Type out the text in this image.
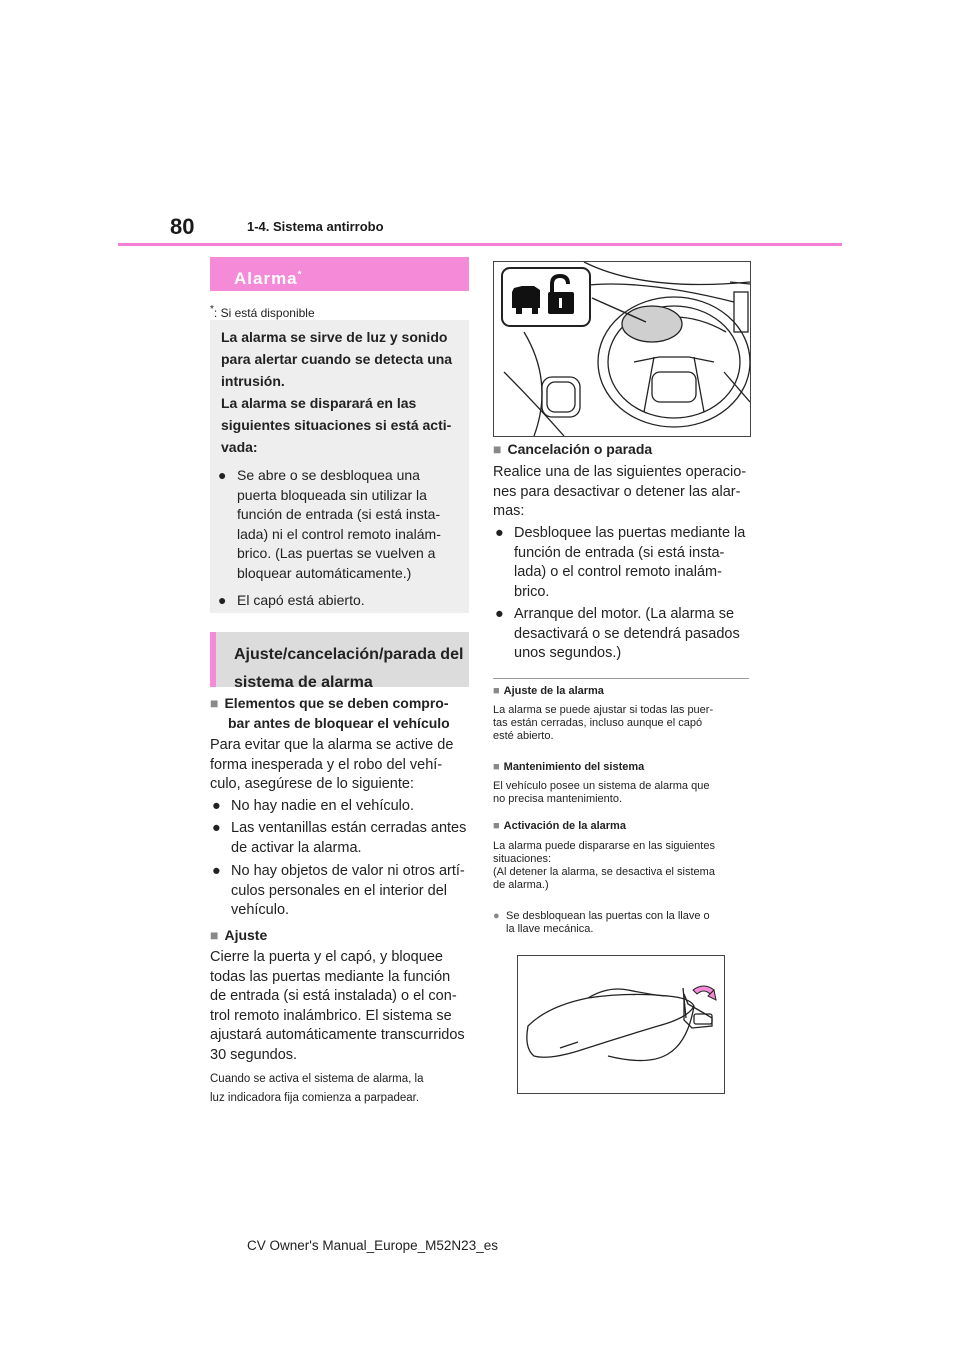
80	1-4. Sistema antirrobo
Alarma*
*: Si está disponible
La alarma se sirve de luz y sonido
para alertar cuando se detecta una
intrusión.
La alarma se disparará en las
siguientes situaciones si está acti-
vada:
● Se abre o se desbloquea una
puerta bloqueada sin utilizar la
función de entrada (si está insta-
lada) ni el control remoto inalám-
brico. (Las puertas se vuelven a
bloquear automáticamente.)
● El capó está abierto.
Ajuste/cancelación/parada del
sistema de alarma
■ Elementos que se deben compro-
bar antes de bloquear el vehículo
Para evitar que la alarma se active de
forma inesperada y el robo del vehí-
culo, asegúrese de lo siguiente:
● No hay nadie en el vehículo.
● Las ventanillas están cerradas antes
de activar la alarma.
● No hay objetos de valor ni otros artí-
culos personales en el interior del
vehículo.
■ Ajuste
Cierre la puerta y el capó, y bloquee
todas las puertas mediante la función
de entrada (si está instalada) o el con-
trol remoto inalámbrico. El sistema se
ajustará automáticamente transcurridos
30 segundos.
Cuando se activa el sistema de alarma, la
luz indicadora fija comienza a parpadear.
■ Cancelación o parada
Realice una de las siguientes operacio-
nes para desactivar o detener las alar-
mas:
● Desbloquee las puertas mediante la
función de entrada (si está insta-
lada) o el control remoto inalám-
brico.
● Arranque del motor. (La alarma se
desactivará o se detendrá pasados
unos segundos.)
■ Ajuste de la alarma
La alarma se puede ajustar si todas las puer-
tas están cerradas, incluso aunque el capó
esté abierto.
■ Mantenimiento del sistema
El vehículo posee un sistema de alarma que
no precisa mantenimiento.
■ Activación de la alarma
La alarma puede dispararse en las siguientes
situaciones:
(Al detener la alarma, se desactiva el sistema
de alarma.)
● Se desbloquean las puertas con la llave o
la llave mecánica.
CV Owner's Manual_Europe_M52N23_es
